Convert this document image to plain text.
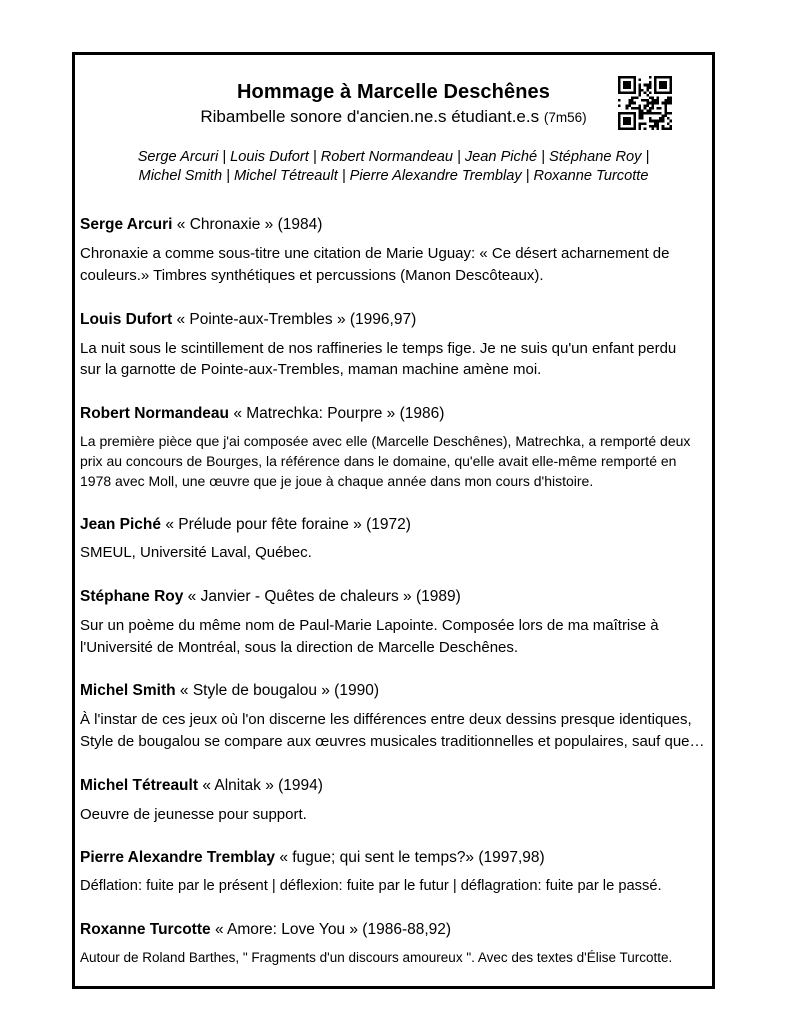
Hommage à Marcelle Deschênes
Ribambelle sonore d'ancien.ne.s étudiant.e.s (7m56)
Serge Arcuri | Louis Dufort | Robert Normandeau | Jean Piché | Stéphane Roy |
Michel Smith | Michel Tétreault | Pierre Alexandre Tremblay | Roxanne Turcotte
Serge Arcuri « Chronaxie » (1984)

Chronaxie a comme sous-titre une citation de Marie Uguay: « Ce désert acharnement de couleurs.» Timbres synthétiques et percussions (Manon Descôteaux).

Louis Dufort « Pointe-aux-Trembles » (1996,97)

La nuit sous le scintillement de nos raffineries le temps fige. Je ne suis qu'un enfant perdu sur la garnotte de Pointe-aux-Trembles, maman machine amène moi.

Robert Normandeau « Matrechka: Pourpre » (1986)

La première pièce que j'ai composée avec elle (Marcelle Deschênes), Matrechka, a remporté deux prix au concours de Bourges, la référence dans le domaine, qu'elle avait elle-même remporté en 1978 avec Moll, une œuvre que je joue à chaque année dans mon cours d'histoire.

Jean Piché « Prélude pour fête foraine » (1972)

SMEUL, Université Laval, Québec.

Stéphane Roy « Janvier - Quêtes de chaleurs » (1989)

Sur un poème du même nom de Paul-Marie Lapointe. Composée lors de ma maîtrise à l'Université de Montréal, sous la direction de Marcelle Deschênes.

Michel Smith « Style de bougalou » (1990)

À l'instar de ces jeux où l'on discerne les différences entre deux dessins presque identiques, Style de bougalou se compare aux œuvres musicales traditionnelles et populaires, sauf que…

Michel Tétreault « Alnitak » (1994)

Oeuvre de jeunesse pour support.

Pierre Alexandre Tremblay « fugue; qui sent le temps?» (1997,98)

Déflation: fuite par le présent | déflexion: fuite par le futur | déflagration: fuite par le passé.

Roxanne Turcotte « Amore: Love You » (1986-88,92)

Autour de Roland Barthes, " Fragments d'un discours amoureux ". Avec des textes d'Élise Turcotte.
